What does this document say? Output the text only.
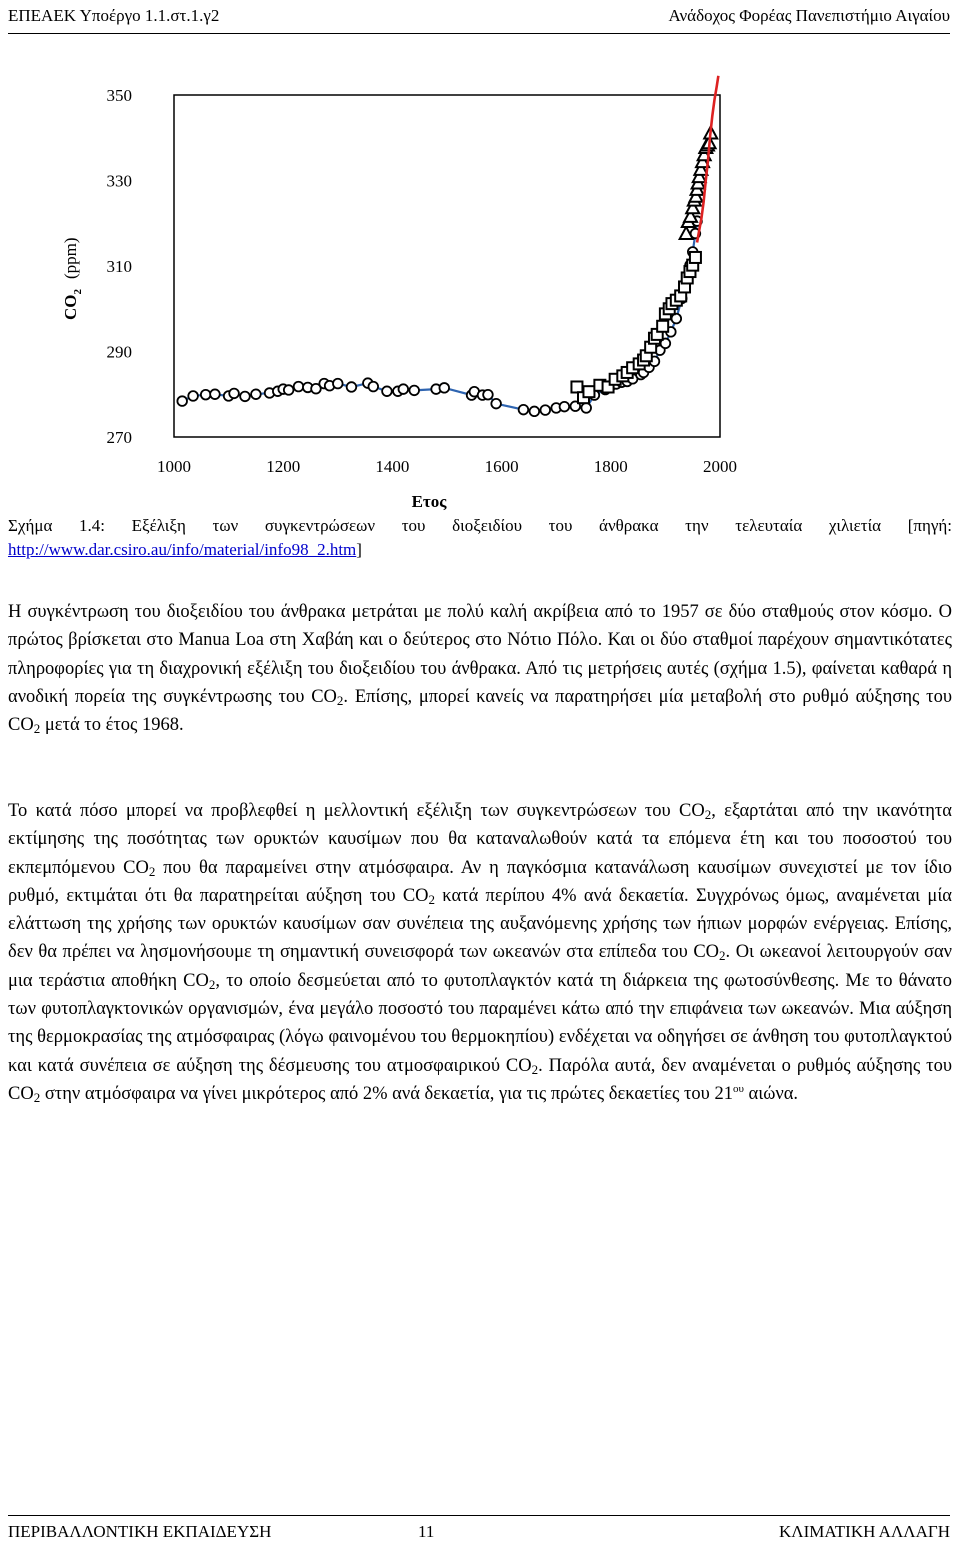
ΕΠΕΑΕΚ Υποέργο 1.1.στ.1.γ2	Ανάδοχος Φορέας Πανεπιστήμιο Αιγαίου
350
330
310
290
270
1000	1200	1400	1600	1800	2000
$CO_2(ppm)$
Ετος
Σχήμα 1.4: Εξέλιξη των συγκεντρώσεων του διοξειδίου του άνθρακα την τελευταία χιλιετία [πηγή:
http://www.dar.csiro.au/info/material/info98_2.htm]

Η συγκέντρωση του διοξειδίου του άνθρακα μετράται με πολύ καλή ακρίβεια από το 1957 σε δύο σταθμούς στον κόσμο. Ο πρώτος βρίσκεται στο Manua Loa στη Χαβάη και ο δεύτερος στο Νότιο Πόλο. Και οι δύο σταθμοί παρέχουν σημαντικότατες πληροφορίες για τη διαχρονική εξέλιξη του διοξειδίου του άνθρακα. Από τις μετρήσεις αυτές (σχήμα 1.5), φαίνεται καθαρά η ανοδική πορεία της συγκέντρωσης του $CO_2$. Επίσης, μπορεί κανείς να παρατηρήσει μία μεταβολή στο ρυθμό αύξησης του $CO_2$ μετά το έτος 1968.

Το κατά πόσο μπορεί να προβλεφθεί η μελλοντική εξέλιξη των συγκεντρώσεων του $CO_2$, εξαρτάται από την ικανότητα εκτίμησης της ποσότητας των ορυκτών καυσίμων που θα καταναλωθούν κατά τα επόμενα έτη και του ποσοστού του εκπεμπόμενου $CO_2$ που θα παραμείνει στην ατμόσφαιρα. Αν η παγκόσμια κατανάλωση καυσίμων συνεχιστεί με τον ίδιο ρυθμό, εκτιμάται ότι θα παρατηρείται αύξηση του $CO_2$ κατά περίπου 4% ανά δεκαετία. Συγχρόνως όμως, αναμένεται μία ελάττωση της χρήσης των ορυκτών καυσίμων σαν συνέπεια της αυξανόμενης χρήσης των ήπιων μορφών ενέργειας. Επίσης, δεν θα πρέπει να λησμονήσουμε τη σημαντική συνεισφορά των ωκεανών στα επίπεδα του $CO_2$. Οι ωκεανοί λειτουργούν σαν μια τεράστια αποθήκη $CO_2$, το οποίο δεσμεύεται από το φυτοπλαγκτόν κατά τη διάρκεια της φωτοσύνθεσης. Με το θάνατο των φυτοπλαγκτονικών οργανισμών, ένα μεγάλο ποσοστό του παραμένει κάτω από την επιφάνεια των ωκεανών. Μια αύξηση της θερμοκρασίας της ατμόσφαιρας (λόγω φαινομένου του θερμοκηπίου) ενδέχεται να οδηγήσει σε άνθηση του φυτοπλαγκτού και κατά συνέπεια σε αύξηση της δέσμευσης του ατμοσφαιρικού $CO_2$. Παρόλα αυτά, δεν αναμένεται ο ρυθμός αύξησης του $CO_2$ στην ατμόσφαιρα να γίνει μικρότερος από 2% ανά δεκαετία, για τις πρώτες δεκαετίες του $21^{o\upsilon}$ αιώνα.

ΠΕΡΙΒΑΛΛΟΝΤΙΚΗ ΕΚΠΑΙΔΕΥΣΗ	11	ΚΛΙΜΑΤΙΚΗ ΑΛΛΑΓΗ
